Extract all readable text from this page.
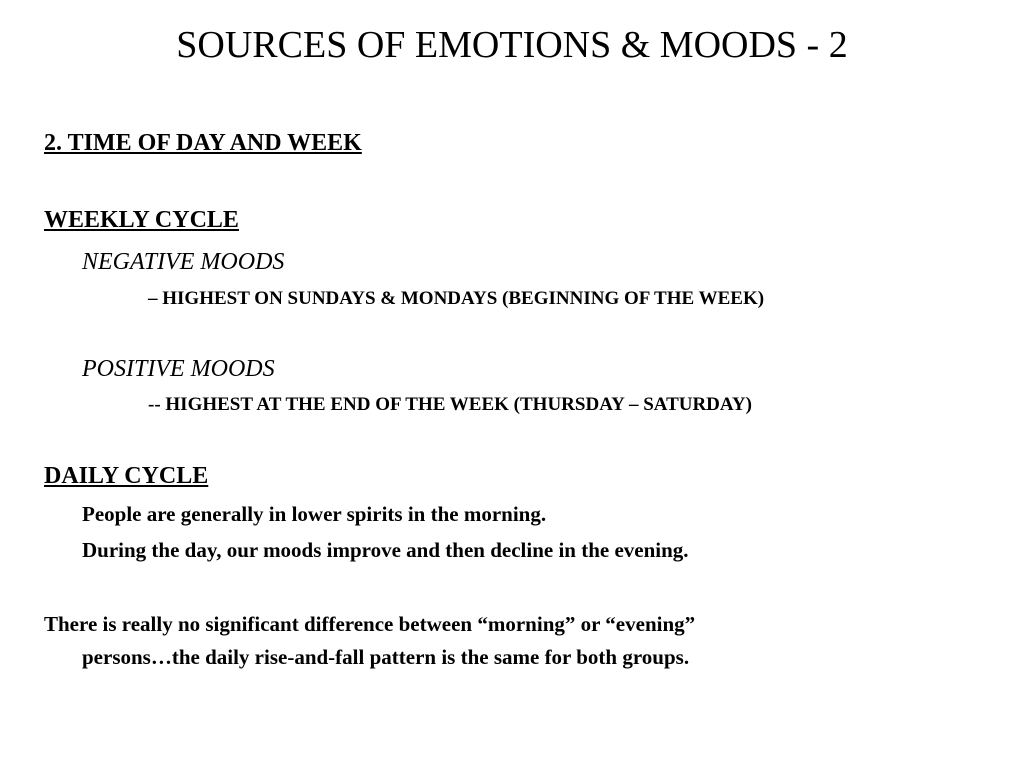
SOURCES OF EMOTIONS & MOODS - 2

2. TIME OF DAY AND WEEK

WEEKLY CYCLE

NEGATIVE MOODS

– HIGHEST ON SUNDAYS & MONDAYS (BEGINNING OF THE WEEK)

POSITIVE MOODS

-- HIGHEST AT THE END OF THE WEEK (THURSDAY – SATURDAY)

DAILY CYCLE

People are generally in lower spirits in the morning.

During the day, our moods improve and then decline in the evening.

There is really no significant difference between “morning” or “evening”

persons…the daily rise-and-fall pattern is the same for both groups.
